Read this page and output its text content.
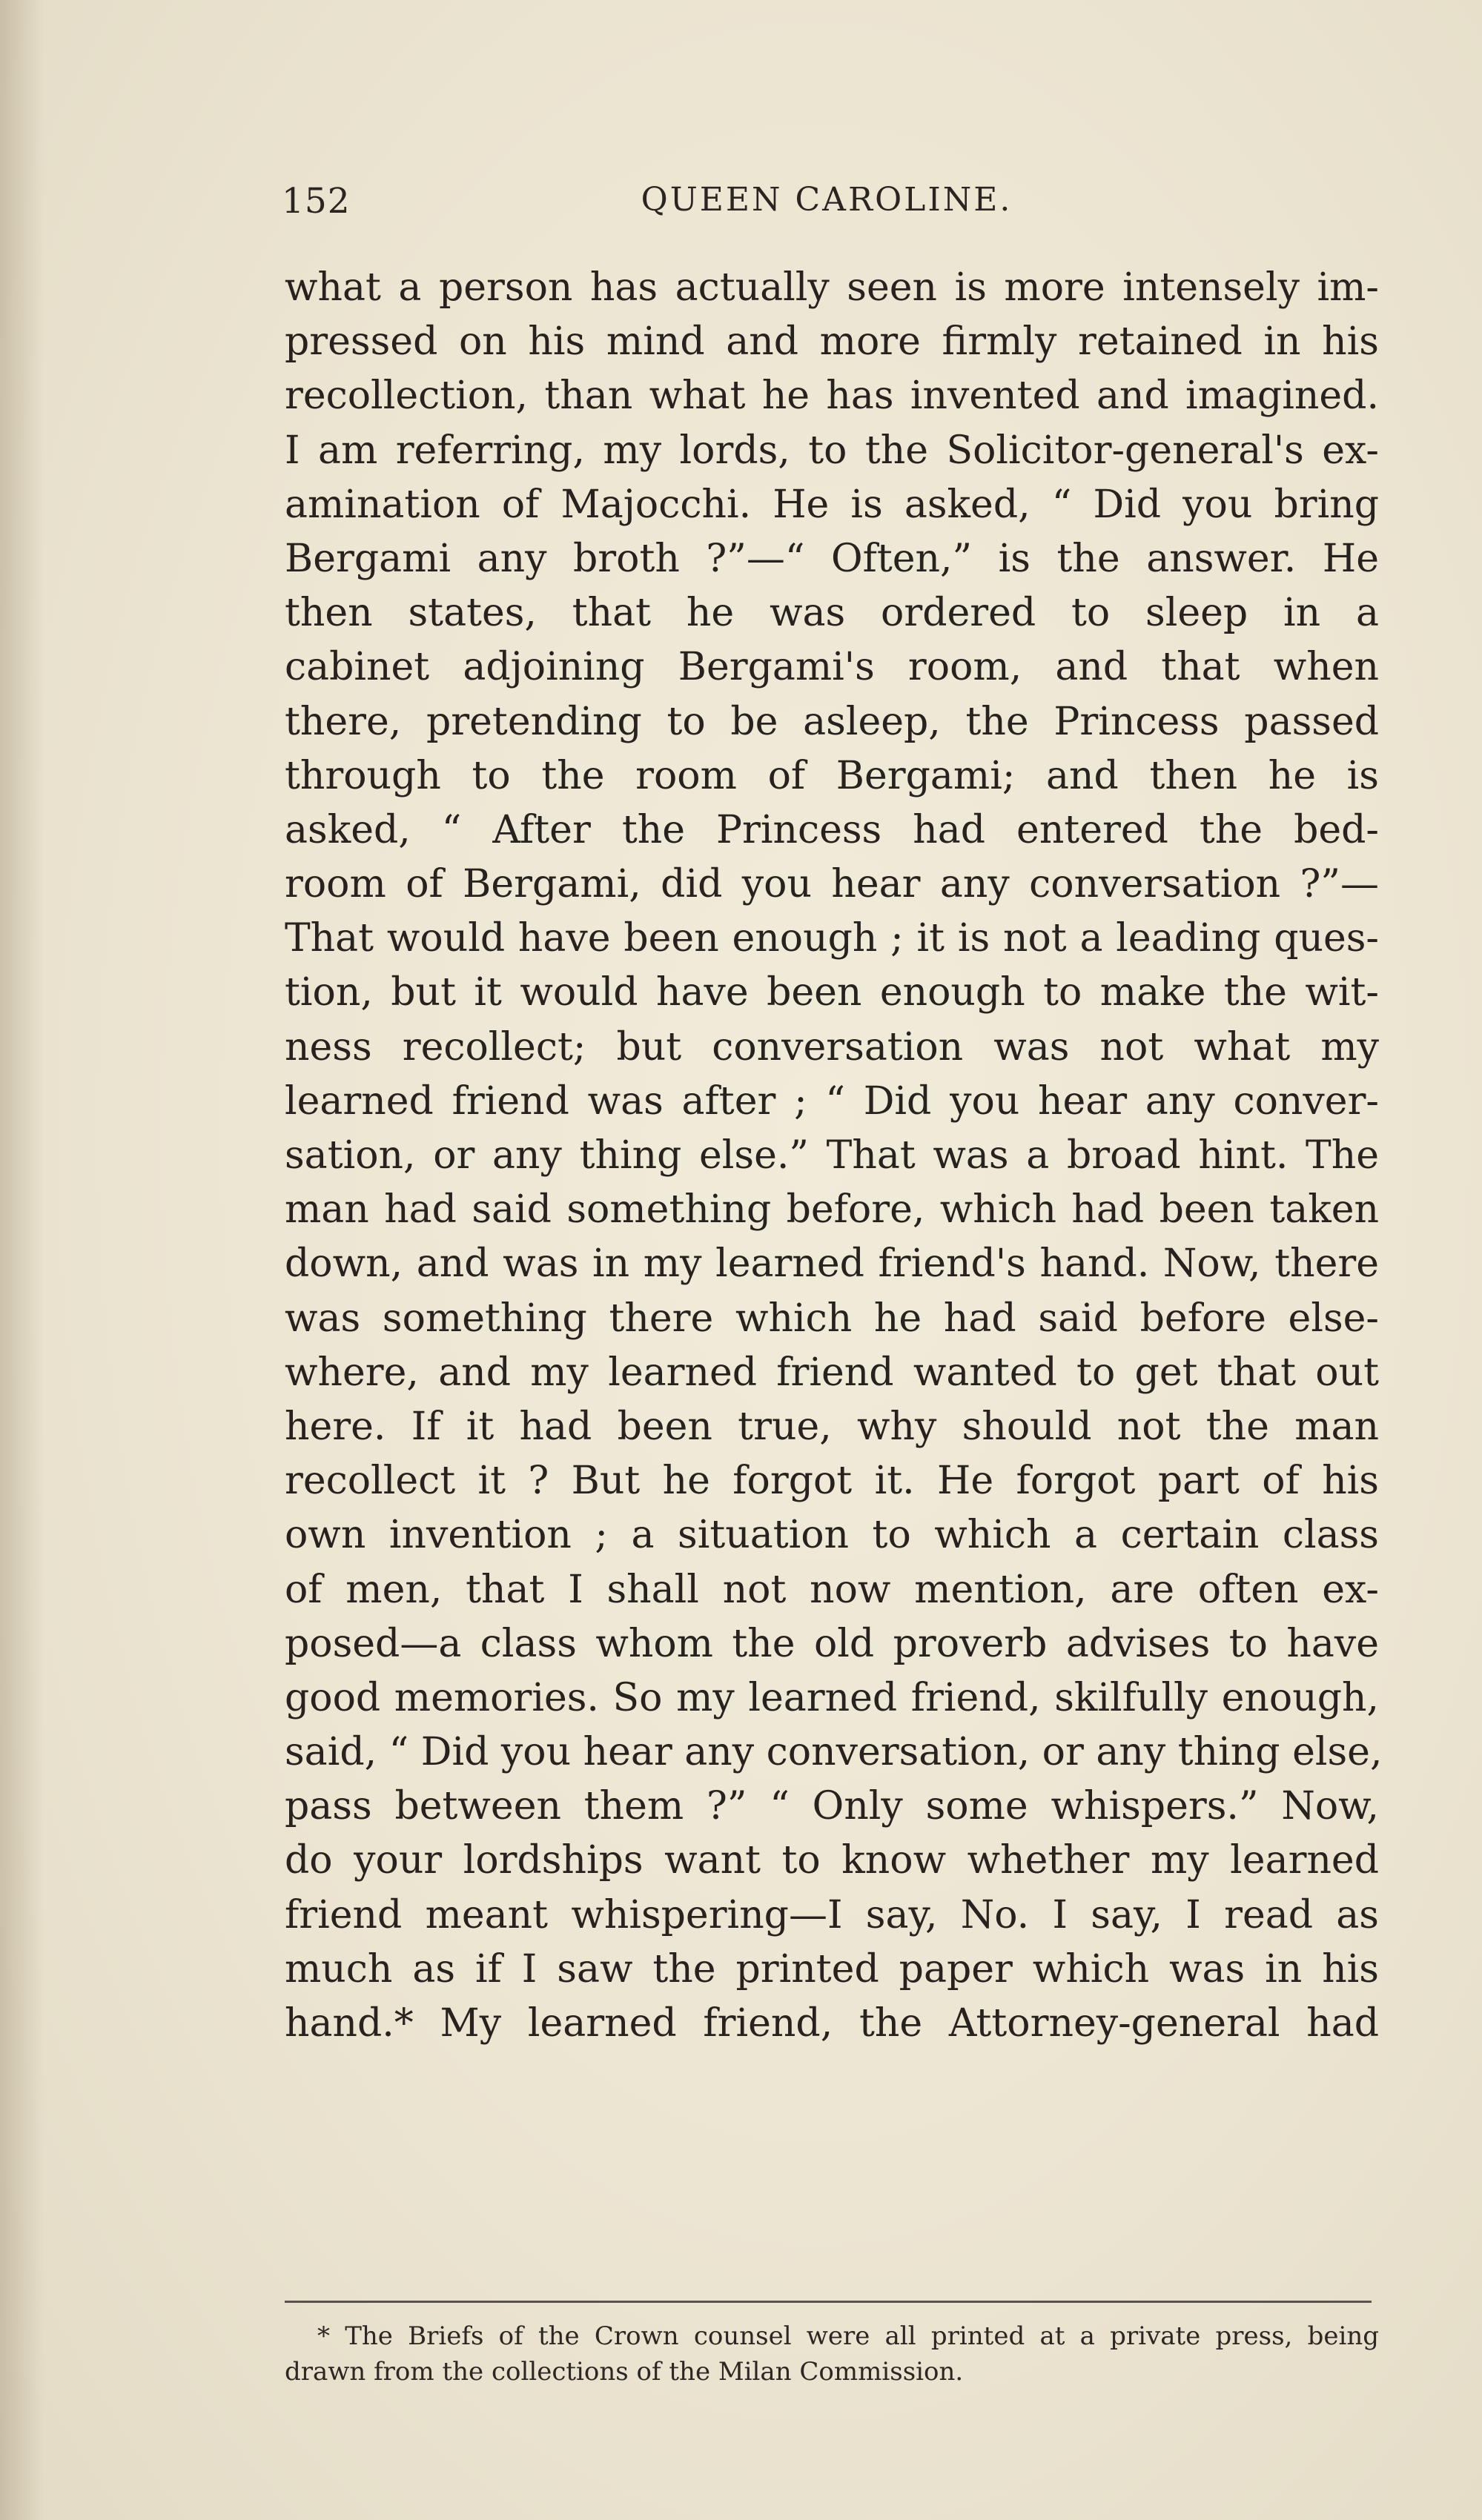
152	QUEEN CAROLINE.
what a person has actually seen is more intensely im-
pressed on his mind and more firmly retained in his
recollection, than what he has invented and imagined.
I am referring, my lords, to the Solicitor-general's ex-
amination of Majocchi. He is asked, “ Did you bring
Bergami any broth ?”—“ Often,” is the answer. He
then states, that he was ordered to sleep in a
cabinet adjoining Bergami's room, and that when
there, pretending to be asleep, the Princess passed
through to the room of Bergami; and then he is
asked, “ After the Princess had entered the bed-
room of Bergami, did you hear any conversation ?”—
That would have been enough ; it is not a leading ques-
tion, but it would have been enough to make the wit-
ness recollect; but conversation was not what my
learned friend was after ; “ Did you hear any conver-
sation, or any thing else.” That was a broad hint. The
man had said something before, which had been taken
down, and was in my learned friend's hand. Now, there
was something there which he had said before else-
where, and my learned friend wanted to get that out
here. If it had been true, why should not the man
recollect it ? But he forgot it. He forgot part of his
own invention ; a situation to which a certain class
of men, that I shall not now mention, are often ex-
posed—a class whom the old proverb advises to have
good memories. So my learned friend, skilfully enough,
said, “ Did you hear any conversation, or any thing else,
pass between them ?” “ Only some whispers.” Now,
do your lordships want to know whether my learned
friend meant whispering—I say, No. I say, I read as
much as if I saw the printed paper which was in his
hand.* My learned friend, the Attorney-general had
* The Briefs of the Crown counsel were all printed at a private press, being
drawn from the collections of the Milan Commission.
